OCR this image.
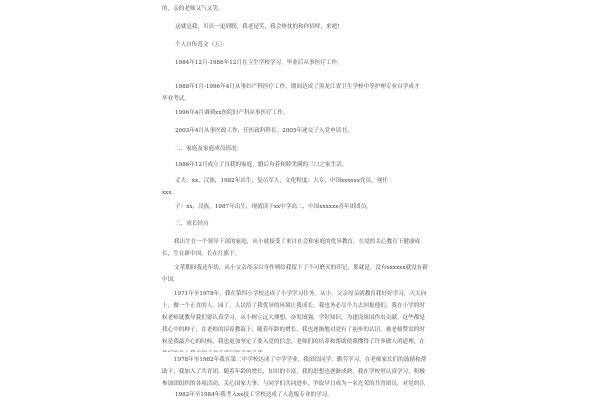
的，亲的老师又气又笑。
这就是我，贝贝一更到脱，我老是笑，我会热忱的和你招呼，来吧!
个人自传范文（五）：
1984年12月-1986年12月在卫生学校学习，毕业后从事医疗工作。
1988年1月-1996年4月从事妇产科医疗工作。期间达成了黑龙江省卫生学校中等护理专业自学成才
毕业考试。
1996年4月调到xx医院妇产科从事医疗工作。
2003年4月从事医政工作，任医政科科长。2005年递交了入党申请书。
二、家庭及家庭成员情况：
1986年12月成立了自我的家庭，婚后有着和睦美满的三口之家生活。
丈夫：xx，汉族，1982年出生，复员军人，文化程度：大专，中国xxxxxx党员，现任
xxx。
子：xx，汉族，1987年出生，现就读于xx中学高二，中国xxxxxx青年团团员。
三、成长经历
我出生在一个领导干部的家庭，从小就接受了来自社会和家庭的优异教育，在党的关心教育下健康成长，生在新中国，长在红旗下。
文革期间我还年幼，从小父亲母亲以身作则给我留下了不可磨灭的印记，那就是，没有xxxxxx就没有新中国。
1971年至1978年，我在第四小学校达成了小学学习任务。从小，父亲母亲就教育我好好学习，天天向上，做一个正直的人。园丁，人民给了我优异的环境让我成长，我也务必尽个力去回报他们。我在小学的时候老师就教导我们要认真学习，从小树立远大理想，奋发图强，学好知识，为建设祖国作出贡献。这些都是我心中的种子，在老师的谆谆教诲下，随着年龄的增长，我也逐渐地对党有了初步的认识，被老师赞赏的时候是我最开心的时候，我也更加坚定了要入党的信念，老师们的培养和帮助使我懂得了许多做人的道理，在
1978年至1982年我在第二中学校达成了中学学业，我团结同学，勤劳学习，在老师家长们的鼓励和帮助下，我加入了共青团。随着年龄的增长，知识的丰富，我的思想也逐渐成熟，我在学校里认真学习，积极参加团组织的各项活动，关心国家大事，与同学们共同进步，争取早日成为一名光荣的共青团员，对党的认
1982年至1984年我考入xx技工学校达成了人造板专业的学习。
